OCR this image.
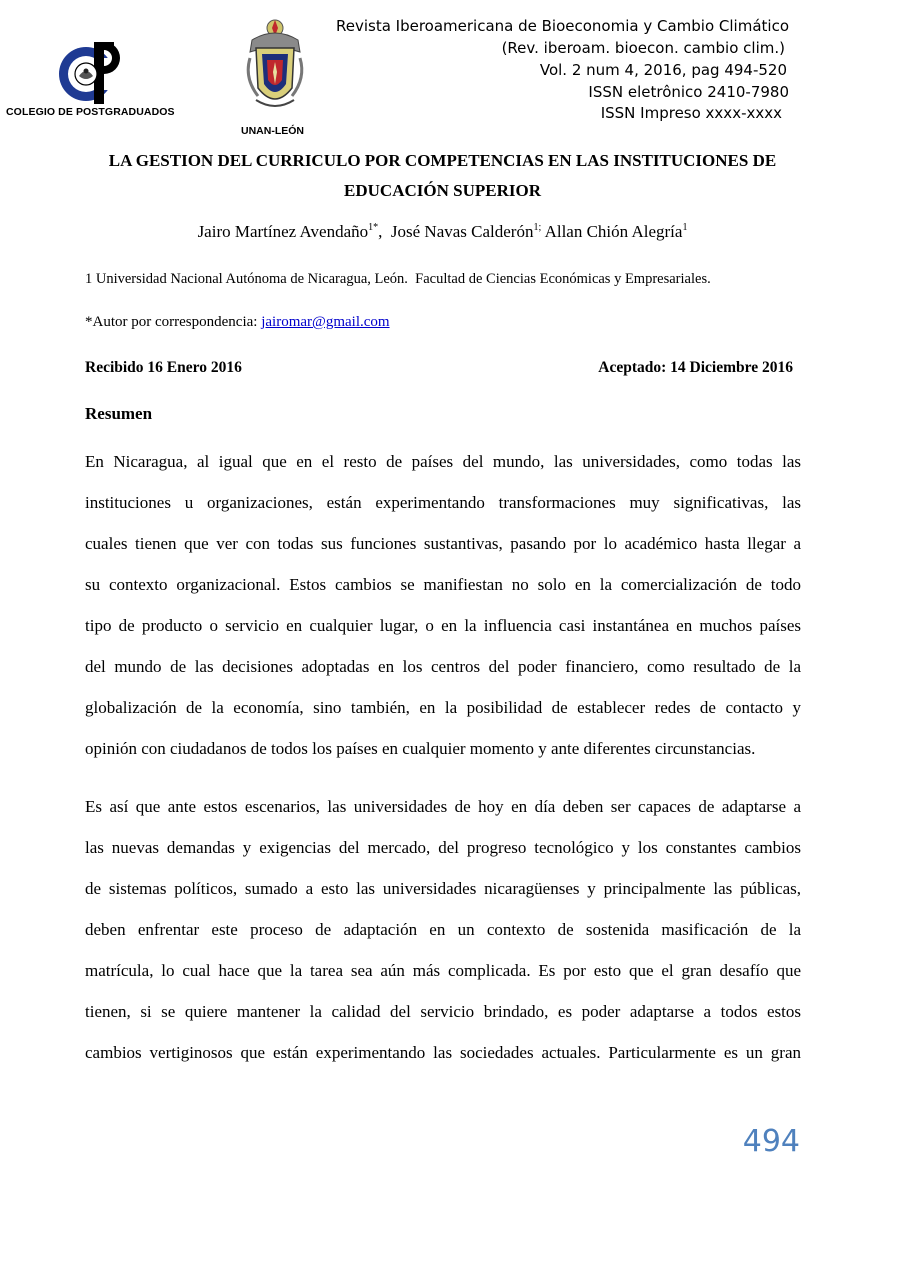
COLEGIO DE POSTGRADUADOS
UNAN-LEÓN
Revista Iberoamericana de Bioeconomia y Cambio Climático
(Rev. iberoam. bioecon. cambio clim.)
Vol. 2 num 4, 2016, pag 494-520
ISSN eletrônico 2410-7980
ISSN Impreso xxxx-xxxx
LA GESTION DEL CURRICULO POR COMPETENCIAS EN LAS INSTITUCIONES DE
EDUCACIÓN SUPERIOR
Jairo Martínez Avendaño$^{1*}$,  José Navas Calderón$^{1;}$ Allan Chión Alegría$^1$
1 Universidad Nacional Autónoma de Nicaragua, León.  Facultad de Ciencias Económicas y Empresariales.
*Autor por correspondencia: jairomar@gmail.com
Recibido 16 Enero 2016	Aceptado: 14 Diciembre 2016
Resumen
En Nicaragua, al igual que en el resto de países del mundo, las universidades, como todas las
instituciones u organizaciones, están experimentando transformaciones muy significativas, las
cuales tienen que ver con todas sus funciones sustantivas, pasando por lo académico hasta llegar a
su contexto organizacional. Estos cambios se manifiestan no solo en la comercialización de todo
tipo de producto o servicio en cualquier lugar, o en la influencia casi instantánea en muchos países
del mundo de las decisiones adoptadas en los centros del poder financiero, como resultado de la
globalización de la economía, sino también, en la posibilidad de establecer redes de contacto y
opinión con ciudadanos de todos los países en cualquier momento y ante diferentes circunstancias.
Es así que ante estos escenarios, las universidades de hoy en día deben ser capaces de adaptarse a
las nuevas demandas y exigencias del mercado, del progreso tecnológico y los constantes cambios
de sistemas políticos, sumado a esto las universidades nicaragüenses y principalmente las públicas,
deben enfrentar este proceso de adaptación en un contexto de sostenida masificación de la
matrícula, lo cual hace que la tarea sea aún más complicada. Es por esto que el gran desafío que
tienen, si se quiere mantener la calidad del servicio brindado, es poder adaptarse a todos estos
cambios vertiginosos que están experimentando las sociedades actuales. Particularmente es un gran
494
